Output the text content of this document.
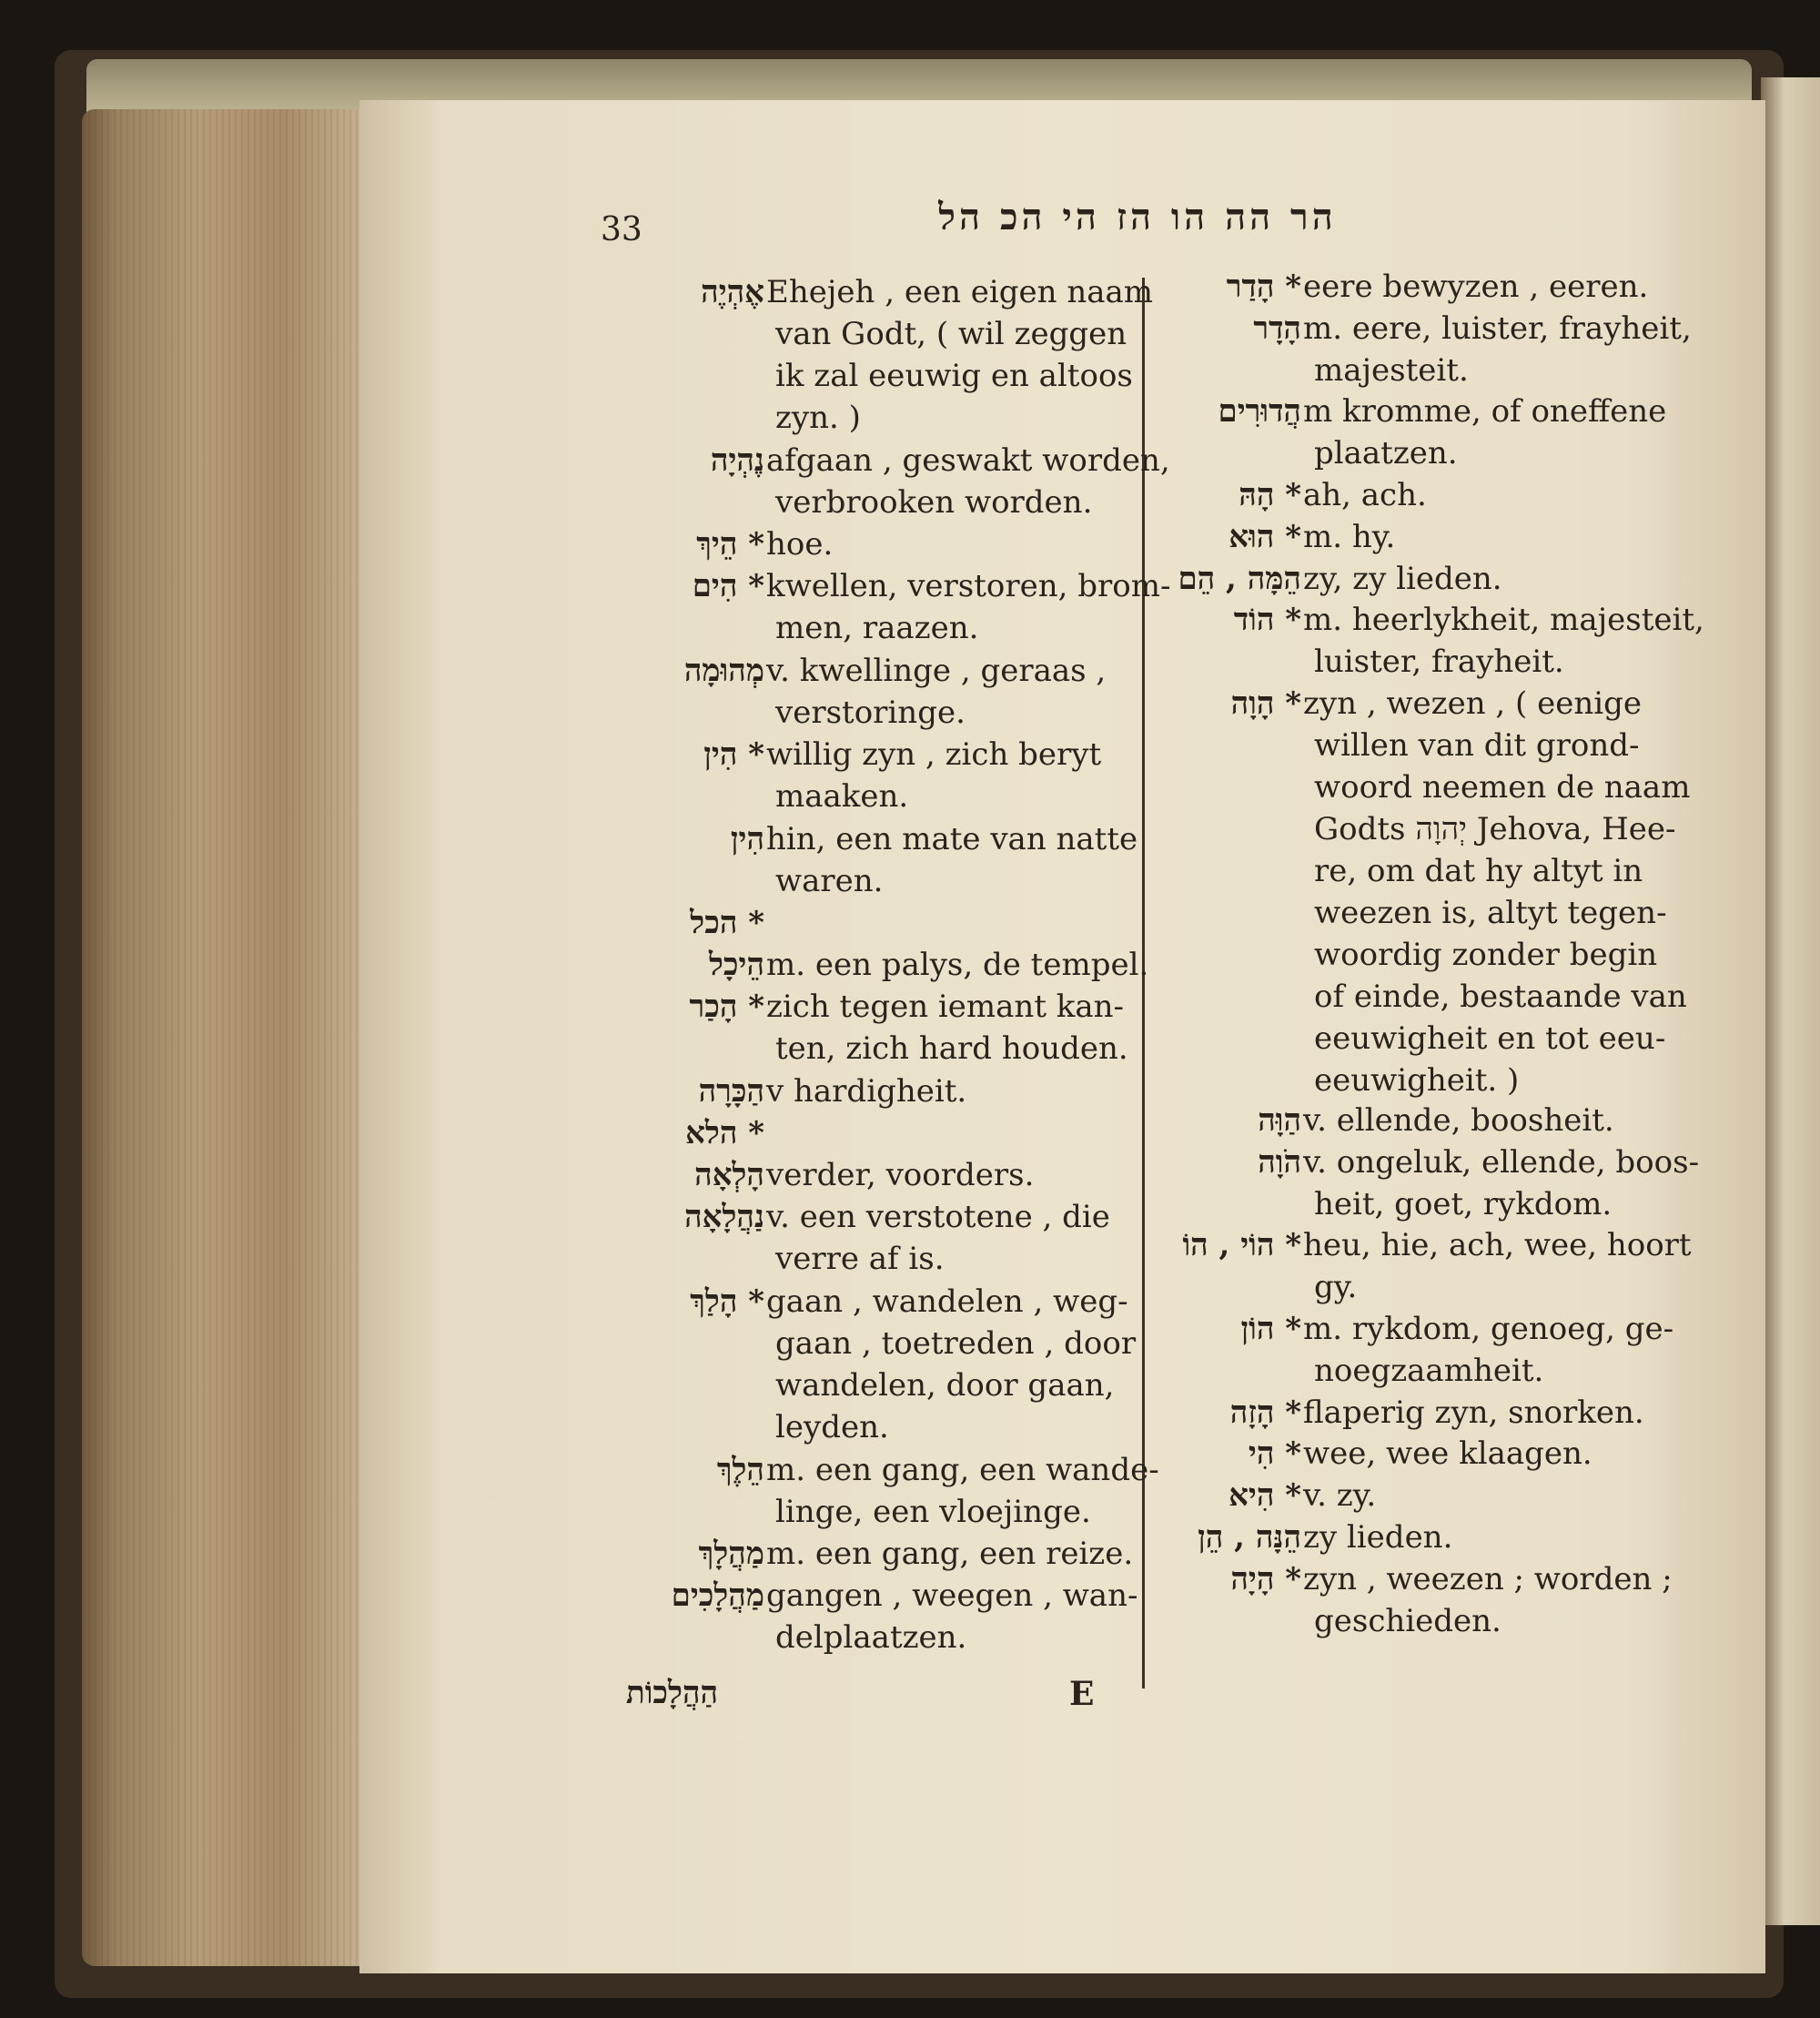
33	הר הה הו הז הי הכ הל
אֶהְיֶה Ehejeh , een eigen naam
van Godt, ( wil zeggen
ik zal eeuwig en altoos
zyn. )
נֶהְיָה afgaan , geswakt worden,
verbrooken worden.
* הֵיךְ hoe.
* הִים kwellen, verstoren, brom-
men, raazen.
מְהוּמָה v. kwellinge , geraas ,
verstoringe.
* הִין willig zyn , zich beryt
maaken.
הִין hin, een mate van natte
waren.
* הכל
הֵיכָל m. een palys, de tempel.
* הָכַר zich tegen iemant kan-
ten, zich hard houden.
הַכָּרָה v hardigheit.
* הלא
הָלְאָה verder, voorders.
נַהֲלָאָה v. een verstotene , die
verre af is.
* הָלַךְ gaan , wandelen , weg-
gaan , toetreden , door
wandelen, door gaan,
leyden.
הֵלֶךְ m. een gang, een wande-
linge, een vloejinge.
מַהֲלָךְ m. een gang, een reize.
מַהֲלָכִים gangen , weegen , wan-
delplaatzen.
* הָדַר eere bewyzen , eeren.
הָדָר m. eere, luister, frayheit,
majesteit.
הֲדוּרִים m kromme, of oneffene
plaatzen.
* הָהּ ah, ach.
* הוּא m. hy.
הֵמָּה , הֵם zy, zy lieden.
* הוֹד m. heerlykheit, majesteit,
luister, frayheit.
* הָוָה zyn , wezen , ( eenige
willen van dit grond-
woord neemen de naam
Godts יְהוָה Jehova, Hee-
re, om dat hy altyt in
weezen is, altyt tegen-
woordig zonder begin
of einde, bestaande van
eeuwigheit en tot eeu-
eeuwigheit. )
הַוָּה v. ellende, boosheit.
הֹוָה v. ongeluk, ellende, boos-
heit, goet, rykdom.
* הוֹי , הוֹ heu, hie, ach, wee, hoort
gy.
* הוֹן m. rykdom, genoeg, ge-
noegzaamheit.
* הָזָה flaperig zyn, snorken.
* הִי wee, wee klaagen.
* הִיא v. zy.
הֵנָּה , הֵן zy lieden.
* הָיָה zyn , weezen ; worden ;
geschieden.
הַהֲלָכוֹת	E
